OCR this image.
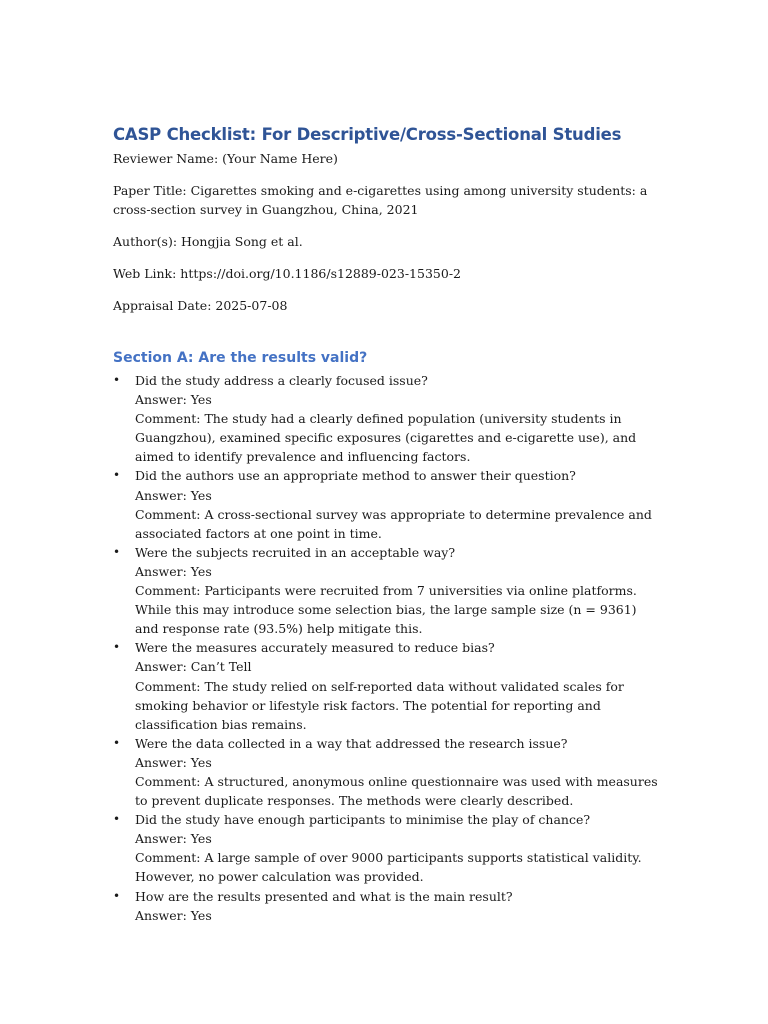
CASP Checklist: For Descriptive/Cross-Sectional Studies

Reviewer Name: (Your Name Here)

Paper Title: Cigarettes smoking and e-cigarettes using among university students: a cross-section survey in Guangzhou, China, 2021

Author(s): Hongjia Song et al.

Web Link: https://doi.org/10.1186/s12889-023-15350-2

Appraisal Date: 2025-07-08

Section A: Are the results valid?
• Did the study address a clearly focused issue?
Answer: Yes
Comment: The study had a clearly defined population (university students in Guangzhou), examined specific exposures (cigarettes and e-cigarette use), and aimed to identify prevalence and influencing factors.
• Did the authors use an appropriate method to answer their question?
Answer: Yes
Comment: A cross-sectional survey was appropriate to determine prevalence and associated factors at one point in time.
• Were the subjects recruited in an acceptable way?
Answer: Yes
Comment: Participants were recruited from 7 universities via online platforms. While this may introduce some selection bias, the large sample size (n = 9361) and response rate (93.5%) help mitigate this.
• Were the measures accurately measured to reduce bias?
Answer: Can’t Tell
Comment: The study relied on self-reported data without validated scales for smoking behavior or lifestyle risk factors. The potential for reporting and classification bias remains.
• Were the data collected in a way that addressed the research issue?
Answer: Yes
Comment: A structured, anonymous online questionnaire was used with measures to prevent duplicate responses. The methods were clearly described.
• Did the study have enough participants to minimise the play of chance?
Answer: Yes
Comment: A large sample of over 9000 participants supports statistical validity. However, no power calculation was provided.
• How are the results presented and what is the main result?
Answer: Yes
